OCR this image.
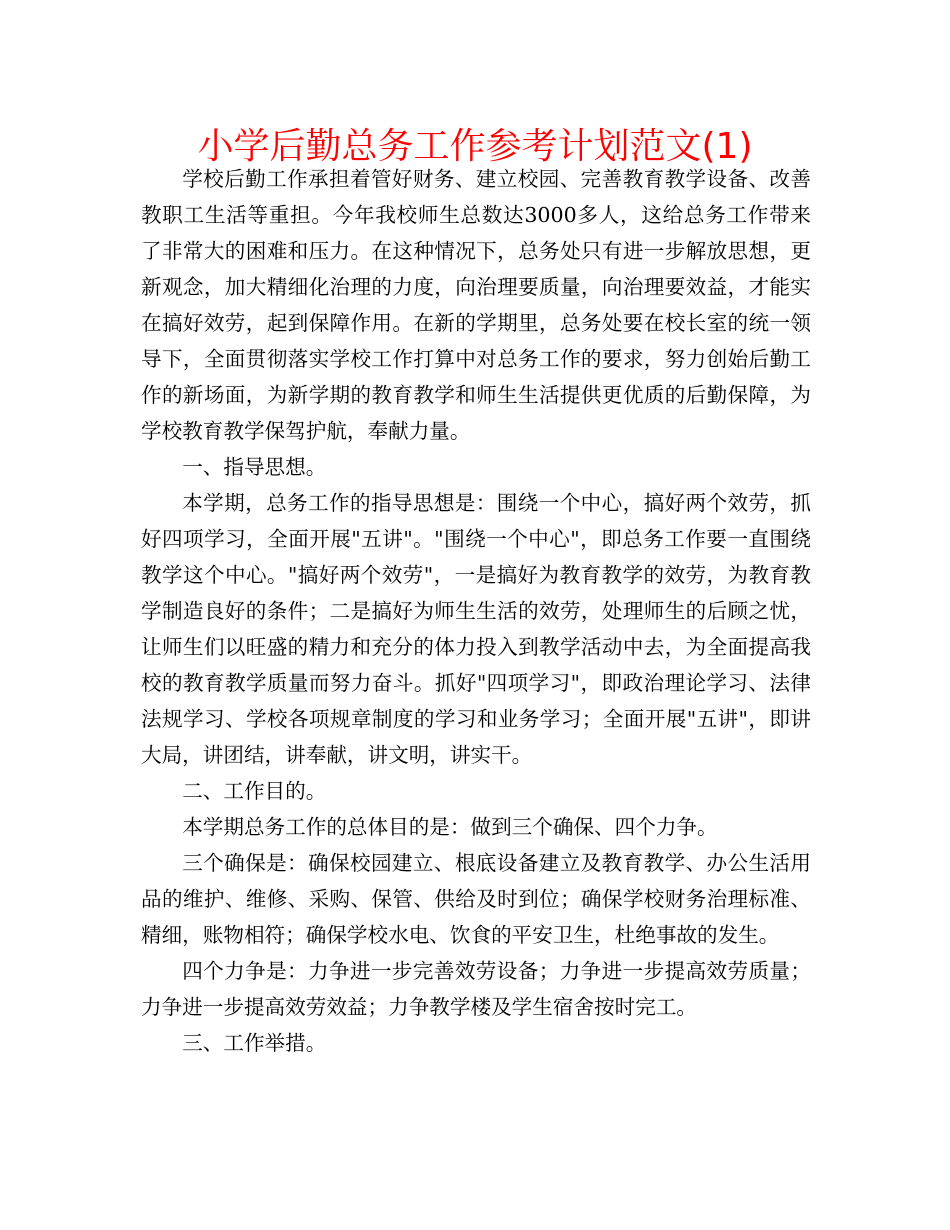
小学后勤总务工作参考计划范文(1)

学校后勤工作承担着管好财务、建立校园、完善教育教学设备、改善教职工生活等重担。今年我校师生总数达3000多人，这给总务工作带来了非常大的困难和压力。在这种情况下，总务处只有进一步解放思想，更新观念，加大精细化治理的力度，向治理要质量，向治理要效益，才能实在搞好效劳，起到保障作用。在新的学期里，总务处要在校长室的统一领导下，全面贯彻落实学校工作打算中对总务工作的要求，努力创始后勤工作的新场面，为新学期的教育教学和师生生活提供更优质的后勤保障，为学校教育教学保驾护航，奉献力量。

一、指导思想。

本学期，总务工作的指导思想是：围绕一个中心，搞好两个效劳，抓好四项学习，全面开展"五讲"。"围绕一个中心"，即总务工作要一直围绕教学这个中心。"搞好两个效劳"，一是搞好为教育教学的效劳，为教育教学制造良好的条件；二是搞好为师生生活的效劳，处理师生的后顾之忧，让师生们以旺盛的精力和充分的体力投入到教学活动中去，为全面提高我校的教育教学质量而努力奋斗。抓好"四项学习"，即政治理论学习、法律法规学习、学校各项规章制度的学习和业务学习；全面开展"五讲"，即讲大局，讲团结，讲奉献，讲文明，讲实干。

二、工作目的。

本学期总务工作的总体目的是：做到三个确保、四个力争。

三个确保是：确保校园建立、根底设备建立及教育教学、办公生活用品的维护、维修、采购、保管、供给及时到位；确保学校财务治理标准、精细，账物相符；确保学校水电、饮食的平安卫生，杜绝事故的发生。

四个力争是：力争进一步完善效劳设备；力争进一步提高效劳质量；力争进一步提高效劳效益；力争教学楼及学生宿舍按时完工。

三、工作举措。
